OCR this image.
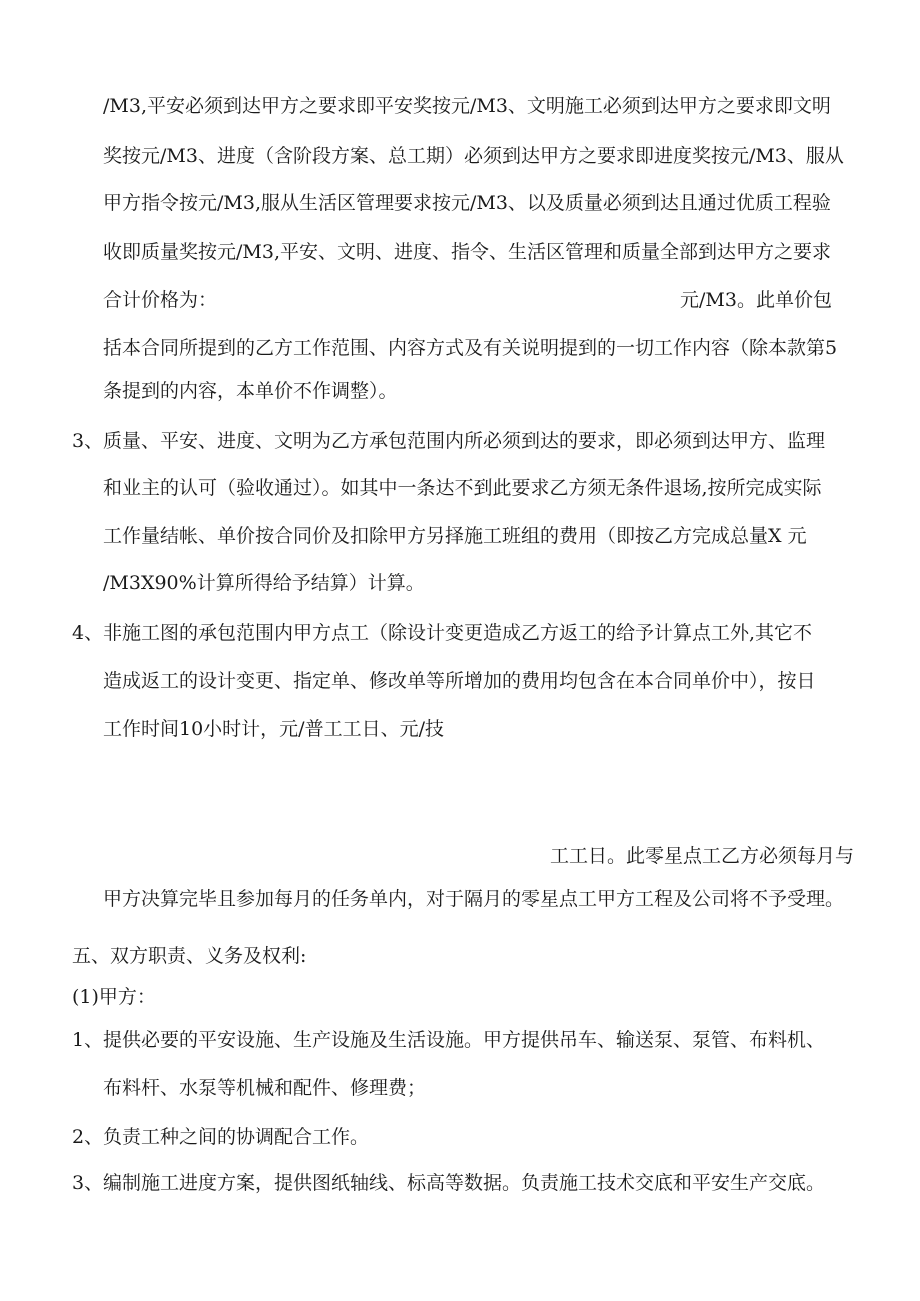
/M3,平安必须到达甲方之要求即平安奖按元/M3、文明施工必须到达甲方之要求即文明
奖按元/M3、进度（含阶段方案、总工期）必须到达甲方之要求即进度奖按元/M3、服从
甲方指令按元/M3,服从生活区管理要求按元/M3、以及质量必须到达且通过优质工程验
收即质量奖按元/M3,平安、文明、进度、指令、生活区管理和质量全部到达甲方之要求
合计价格为：	元/M3。此单价包
括本合同所提到的乙方工作范围、内容方式及有关说明提到的一切工作内容（除本款第5
条提到的内容，本单价不作调整）。
3、 质量、平安、进度、文明为乙方承包范围内所必须到达的要求，即必须到达甲方、监理
和业主的认可（验收通过）。如其中一条达不到此要求乙方须无条件退场,按所完成实际
工作量结帐、单价按合同价及扣除甲方另择施工班组的费用（即按乙方完成总量X 元
/M3X90%计算所得给予结算）计算。
4、 非施工图的承包范围内甲方点工（除设计变更造成乙方返工的给予计算点工外,其它不
造成返工的设计变更、指定单、修改单等所增加的费用均包含在本合同单价中），按日
工作时间10小时计，元/普工工日、元/技
工工日。此零星点工乙方必须每月与
甲方决算完毕且参加每月的任务单内，对于隔月的零星点工甲方工程及公司将不予受理。
五、双方职责、义务及权利:
(1)甲方：
1、 提供必要的平安设施、生产设施及生活设施。甲方提供吊车、输送泵、泵管、布料机、
布料杆、水泵等机械和配件、修理费；
2、 负责工种之间的协调配合工作。
3、 编制施工进度方案，提供图纸轴线、标高等数据。负责施工技术交底和平安生产交底。
